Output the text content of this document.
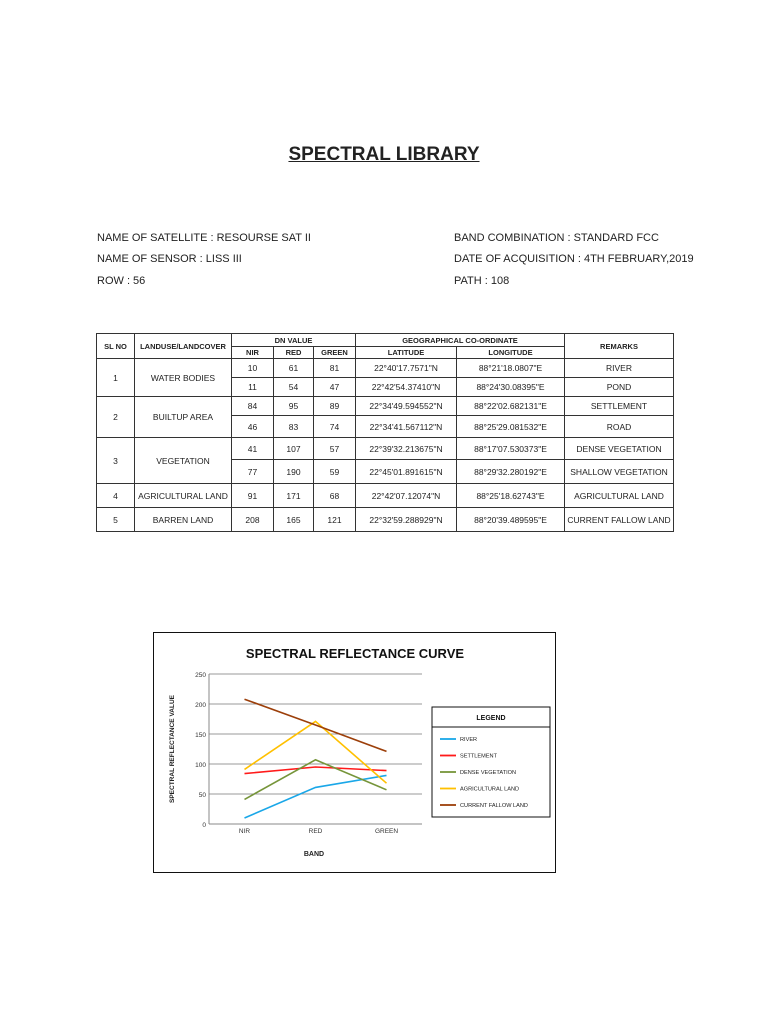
SPECTRAL LIBRARY
NAME OF SATELLITE : RESOURSE SAT II
NAME OF SENSOR : LISS III
ROW : 56
BAND COMBINATION : STANDARD FCC
DATE OF ACQUISITION : 4TH FEBRUARY,2019
PATH : 108
SL NO	LANDUSE/LANDCOVER	DN VALUE			GEOGRAPHICAL CO-ORDINATE		REMARKS
		NIR	RED	GREEN	LATITUDE	LONGITUDE	
1	WATER BODIES	10	61	81	22°40'17.7571"N	88°21'18.0807"E	RIVER
		11	54	47	22°42'54.37410"N	88°24'30.08395"E	POND
2	BUILTUP AREA	84	95	89	22°34'49.594552"N	88°22'02.682131"E	SETTLEMENT
		46	83	74	22°34'41.567112"N	88°25'29.081532"E	ROAD
3	VEGETATION	41	107	57	22°39'32.213675"N	88°17'07.530373"E	DENSE VEGETATION
		77	190	59	22°45'01.891615"N	88°29'32.280192"E	SHALLOW VEGETATION
4	AGRICULTURAL LAND	91	171	68	22°42'07.12074"N	88°25'18.62743"E	AGRICULTURAL LAND
5	BARREN LAND	208	165	121	22°32'59.288929"N	88°20'39.489595"E	CURRENT FALLOW LAND
SPECTRAL REFLECTANCE CURVE
0
50
100
150
200
250
NIR	RED	GREEN
BAND
SPECTRAL REFLECTANCE VALUE	LEGEND
RIVER
SETTLEMENT
DENSE VEGETATION
AGRICULTURAL LAND
CURRENT FALLOW LAND
